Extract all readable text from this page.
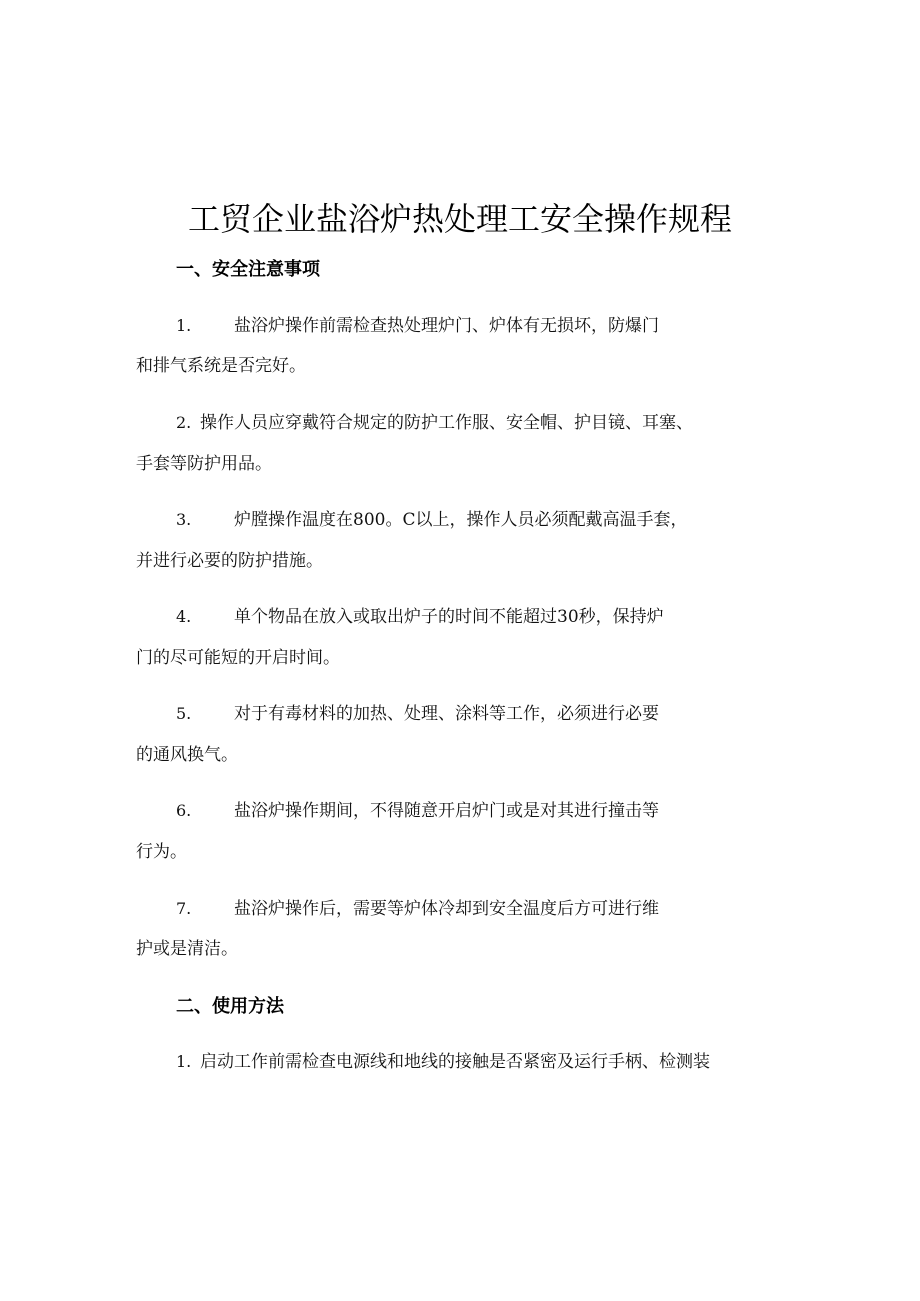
工贸企业盐浴炉热处理工安全操作规程
一、安全注意事项
1.	盐浴炉操作前需检查热处理炉门、炉体有无损坏，防爆门
和排气系统是否完好。
2. 操作人员应穿戴符合规定的防护工作服、安全帽、护目镜、耳塞、
手套等防护用品。
3.	炉膛操作温度在800。C以上，操作人员必须配戴高温手套，
并进行必要的防护措施。
4.	单个物品在放入或取出炉子的时间不能超过30秒，保持炉
门的尽可能短的开启时间。
5.	对于有毒材料的加热、处理、涂料等工作，必须进行必要
的通风换气。
6.	盐浴炉操作期间，不得随意开启炉门或是对其进行撞击等
行为。
7.	盐浴炉操作后，需要等炉体冷却到安全温度后方可进行维
护或是清洁。
二、使用方法
1. 启动工作前需检查电源线和地线的接触是否紧密及运行手柄、检测装
